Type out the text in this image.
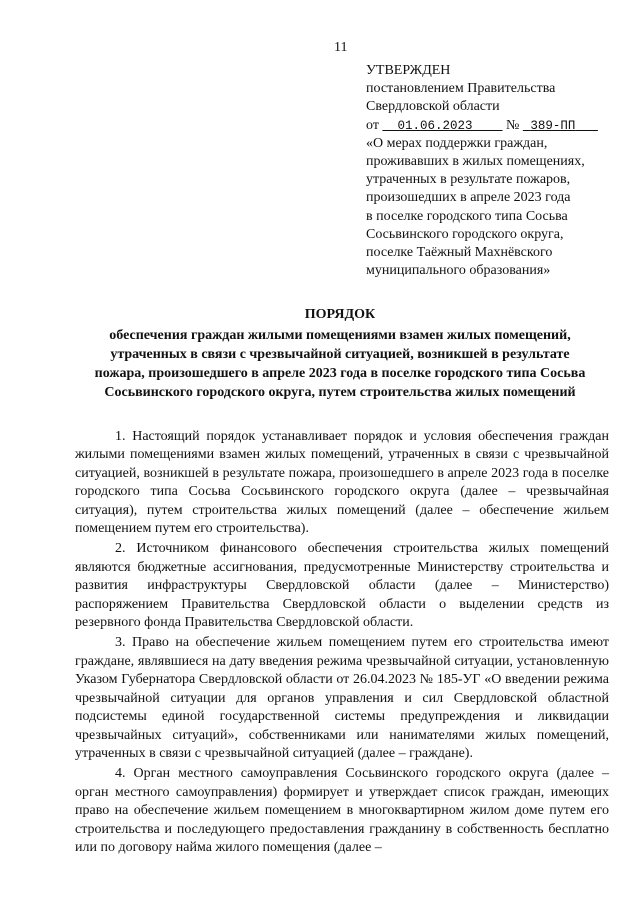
11
УТВЕРЖДЕН
постановлением Правительства
Свердловской области
от 01.06.2023 № 389-ПП
«О мерах поддержки граждан,
проживавших в жилых помещениях,
утраченных в результате пожаров,
произошедших в апреле 2023 года
в поселке городского типа Сосьва
Сосьвинского городского округа,
поселке Таёжный Махнёвского
муниципального образования»
ПОРЯДОК
обеспечения граждан жилыми помещениями взамен жилых помещений,
утраченных в связи с чрезвычайной ситуацией, возникшей в результате
пожара, произошедшего в апреле 2023 года в поселке городского типа Сосьва
Сосьвинского городского округа, путем строительства жилых помещений

1. Настоящий порядок устанавливает порядок и условия обеспечения граждан жилыми помещениями взамен жилых помещений, утраченных в связи с чрезвычайной ситуацией, возникшей в результате пожара, произошедшего в апреле 2023 года в поселке городского типа Сосьва Сосьвинского городского округа (далее – чрезвычайная ситуация), путем строительства жилых помещений (далее – обеспечение жильем помещением путем его строительства).

2. Источником финансового обеспечения строительства жилых помещений являются бюджетные ассигнования, предусмотренные Министерству строительства и развития инфраструктуры Свердловской области (далее – Министерство) распоряжением Правительства Свердловской области о выделении средств из резервного фонда Правительства Свердловской области.

3. Право на обеспечение жильем помещением путем его строительства имеют граждане, являвшиеся на дату введения режима чрезвычайной ситуации, установленную Указом Губернатора Свердловской области от 26.04.2023 № 185-УГ «О введении режима чрезвычайной ситуации для органов управления и сил Свердловской областной подсистемы единой государственной системы предупреждения и ликвидации чрезвычайных ситуаций», собственниками или нанимателями жилых помещений, утраченных в связи с чрезвычайной ситуацией (далее – граждане).

4. Орган местного самоуправления Сосьвинского городского округа (далее – орган местного самоуправления) формирует и утверждает список граждан, имеющих право на обеспечение жильем помещением в многоквартирном жилом доме путем его строительства и последующего предоставления гражданину в собственность бесплатно или по договору найма жилого помещения (далее –
